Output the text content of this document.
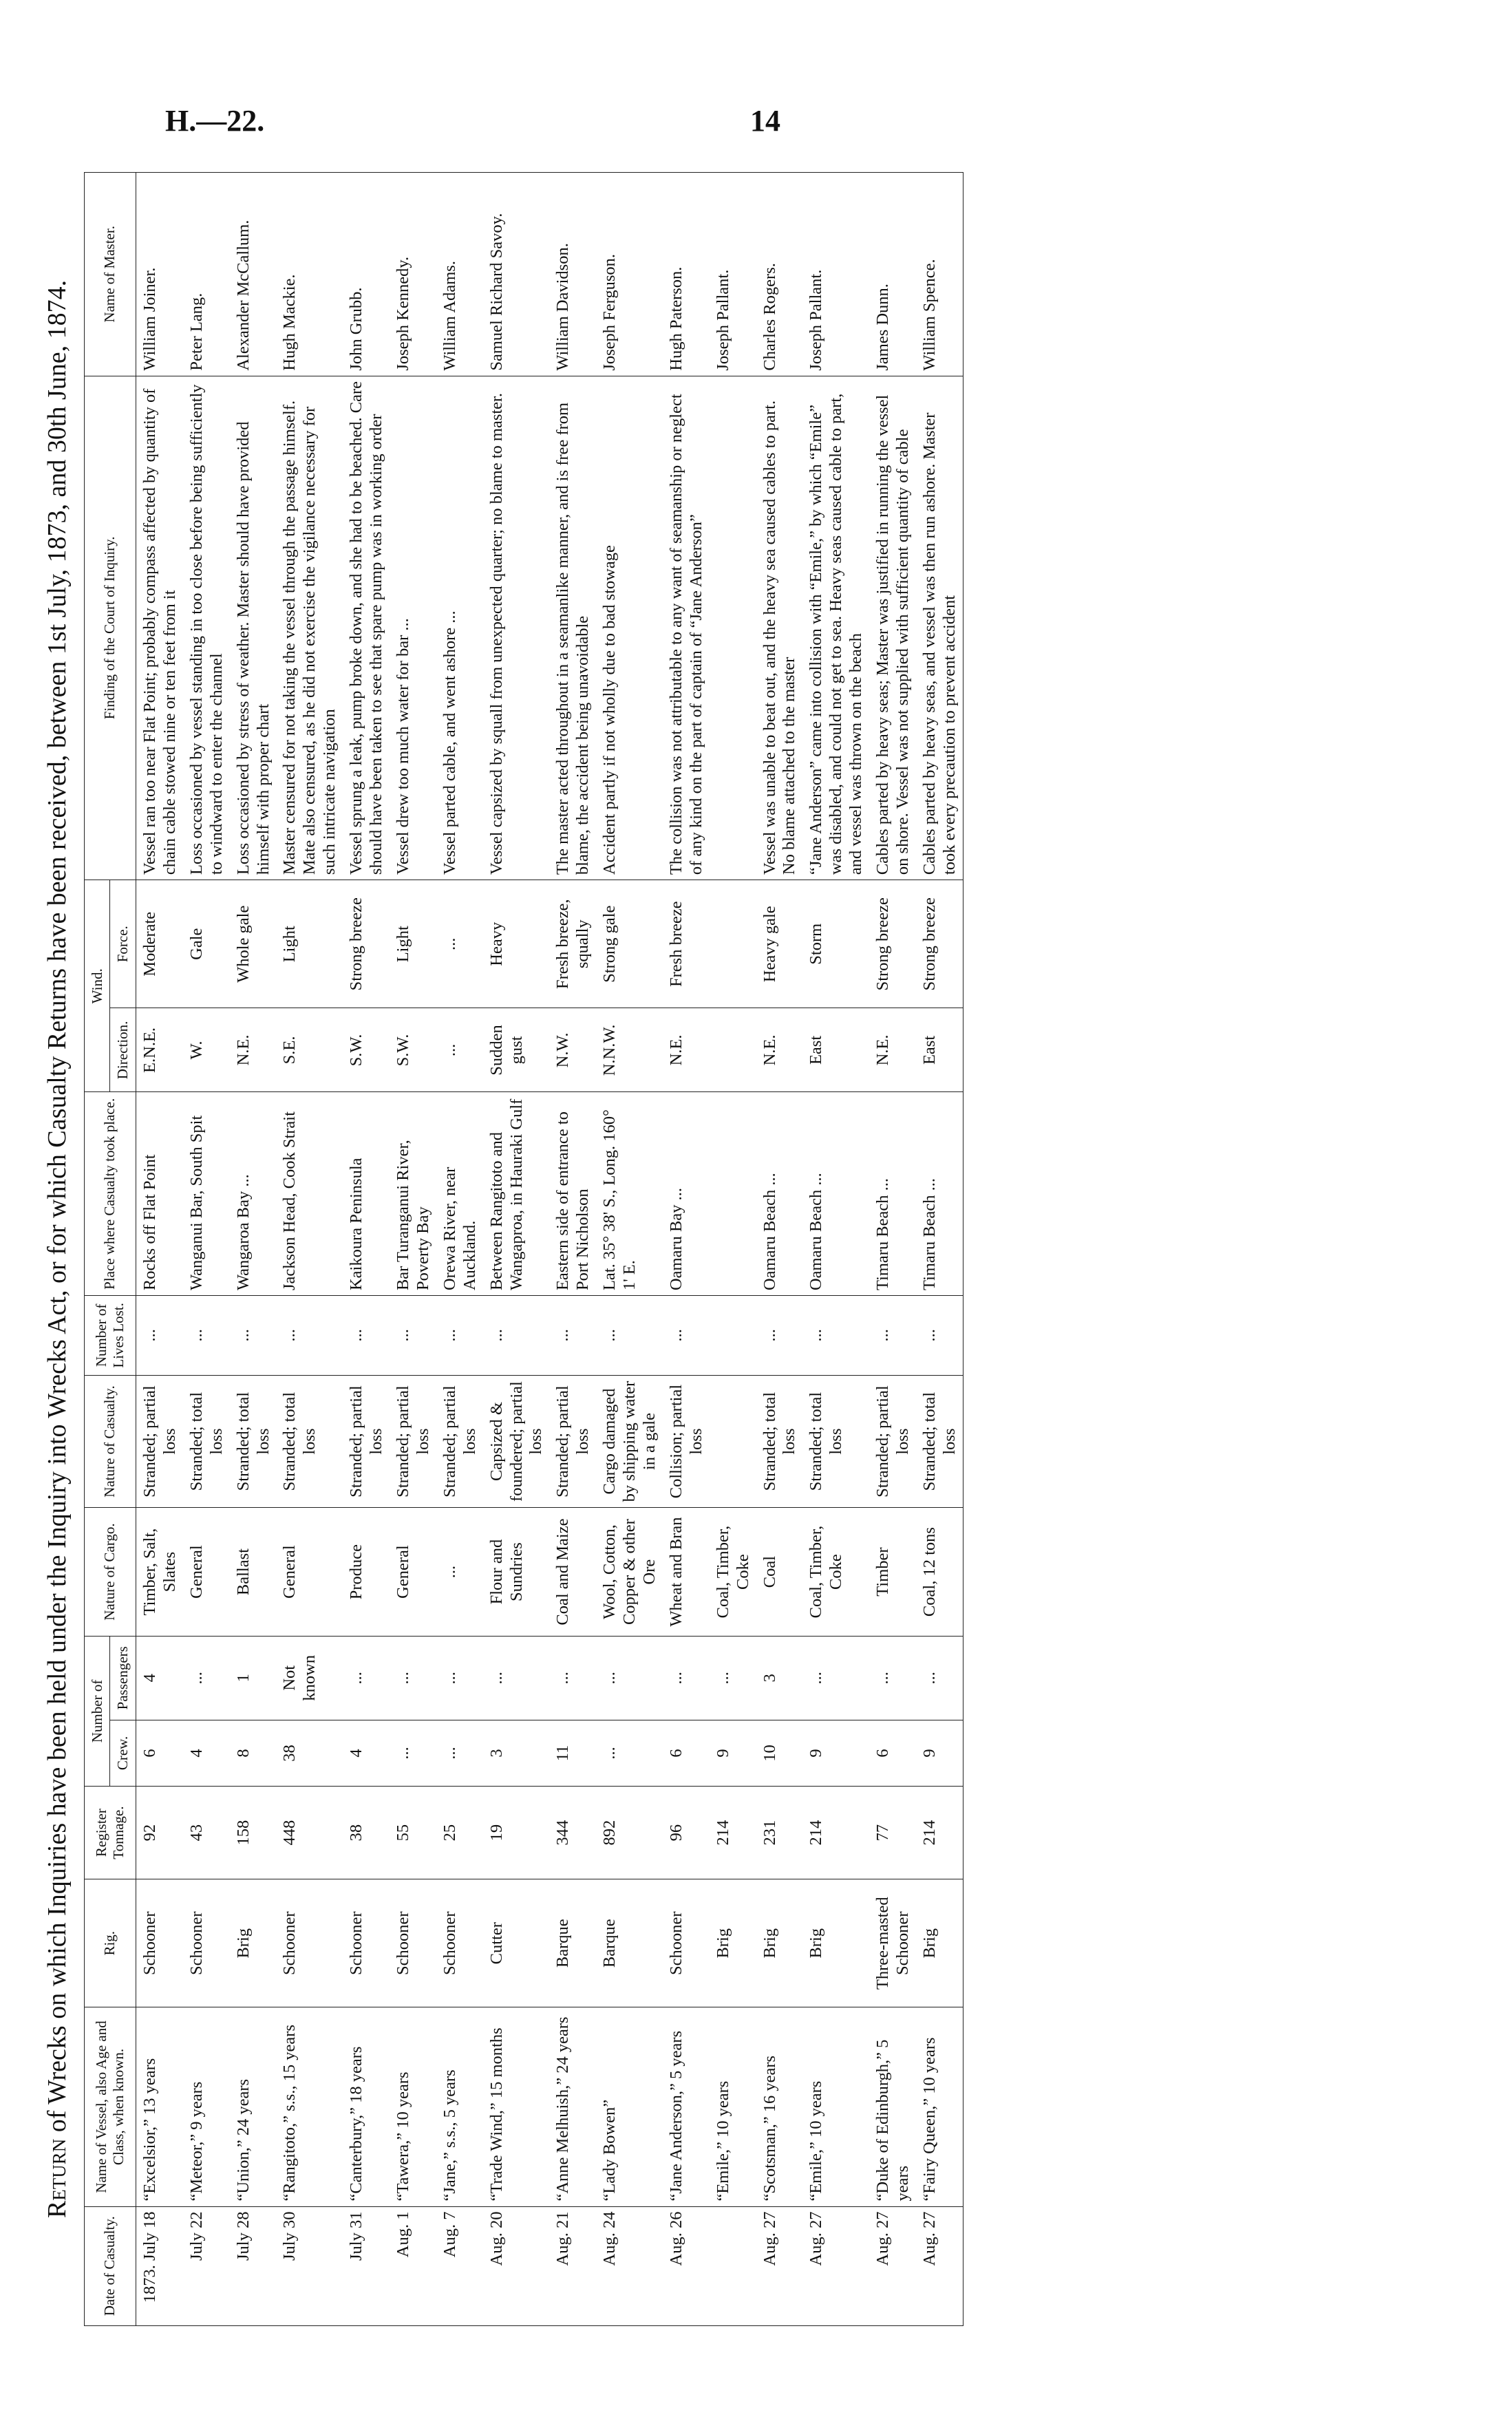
H.—22.	14
Return of Wrecks on which Inquiries have been held under the Inquiry into Wrecks Act, or for which Casualty Returns have been received, between 1st July, 1873, and 30th June, 1874.
Date of Casualty.	Name of Vessel, also Age and Class, when known.	Rig.	Register Tonnage.	Number of		Nature of Cargo.	Nature of Casualty.	Number of Lives Lost.	Place where Casualty took place.	Wind.		Finding of the Court of Inquiry.	Name of Master.
				Crew.	Passengers					Direction.	Force.		
1873. July 18	“Excelsior,” 13 years	Schooner	92	6	4	Timber, Salt, Slates	Stranded; partial loss	...	Rocks off Flat Point	E.N.E.	Moderate	Vessel ran too near Flat Point; probably compass affected by quantity of chain cable stowed nine or ten feet from it	William Joiner.
July 22	“Meteor,” 9 years	Schooner	43	4	...	General	Stranded; total loss	...	Wanganui Bar, South Spit	W.	Gale	Loss occasioned by vessel standing in too close before being sufficiently to windward to enter the channel	Peter Lang.
July 28	“Union,” 24 years	Brig	158	8	1	Ballast	Stranded; total loss	...	Wangaroa Bay ...	N.E.	Whole gale	Loss occasioned by stress of weather. Master should have provided himself with proper chart	Alexander McCallum.
July 30	“Rangitoto,” s.s., 15 years	Schooner	448	38	Not known	General	Stranded; total loss	...	Jackson Head, Cook Strait	S.E.	Light	Master censured for not taking the vessel through the passage himself. Mate also censured, as he did not exercise the vigilance necessary for such intricate navigation	Hugh Mackie.
July 31	“Canterbury,” 18 years	Schooner	38	4	...	Produce	Stranded; partial loss	...	Kaikoura Peninsula	S.W.	Strong breeze	Vessel sprung a leak, pump broke down, and she had to be beached. Care should have been taken to see that spare pump was in working order	John Grubb.
Aug. 1	“Tawera,” 10 years	Schooner	55	...	...	General	Stranded; partial loss	...	Bar Turanganui River, Poverty Bay	S.W.	Light	Vessel drew too much water for bar ...	Joseph Kennedy.
Aug. 7	“Jane,” s.s., 5 years	Schooner	25	...	...	...	Stranded; partial loss	...	Orewa River, near Auckland.	...	...	Vessel parted cable, and went ashore ...	William Adams.
Aug. 20	“Trade Wind,” 15 months	Cutter	19	3	...	Flour and Sundries	Capsized & foundered; partial loss	...	Between Rangitoto and Wangaproa, in Hauraki Gulf	Sudden gust	Heavy	Vessel capsized by squall from unexpected quarter; no blame to master.	Samuel Richard Savoy.
Aug. 21	“Anne Melhuish,” 24 years	Barque	344	11	...	Coal and Maize	Stranded; partial loss	...	Eastern side of entrance to Port Nicholson	N.W.	Fresh breeze, squally	The master acted throughout in a seamanlike manner, and is free from blame, the accident being unavoidable	William Davidson.
Aug. 24	“Lady Bowen”	Barque	892	...	...	Wool, Cotton, Copper & other Ore	Cargo damaged by shipping water in a gale	...	Lat. 35° 38' S., Long. 160° 1' E.	N.N.W.	Strong gale	Accident partly if not wholly due to bad stowage	Joseph Ferguson.
Aug. 26	“Jane Anderson,” 5 years	Schooner	96	6	...	Wheat and Bran	Collision; partial loss	...	Oamaru Bay ...	N.E.	Fresh breeze	The collision was not attributable to any want of seamanship or neglect of any kind on the part of captain of “Jane Anderson”	Hugh Paterson.
	“Emile,” 10 years	Brig	214	9	...	Coal, Timber, Coke							Joseph Pallant.
Aug. 27	“Scotsman,” 16 years	Brig	231	10	3	Coal	Stranded; total loss	...	Oamaru Beach ...	N.E.	Heavy gale	Vessel was unable to beat out, and the heavy sea caused cables to part. No blame attached to the master	Charles Rogers.
Aug. 27	“Emile,” 10 years	Brig	214	9	...	Coal, Timber, Coke	Stranded; total loss	...	Oamaru Beach ...	East	Storm	“Jane Anderson” came into collision with “Emile,” by which “Emile” was disabled, and could not get to sea. Heavy seas caused cable to part, and vessel was thrown on the beach	Joseph Pallant.
Aug. 27	“Duke of Edinburgh,” 5 years	Three-masted Schooner	77	6	...	Timber	Stranded; partial loss	...	Timaru Beach ...	N.E.	Strong breeze	Cables parted by heavy seas; Master was justified in running the vessel on shore. Vessel was not supplied with sufficient quantity of cable	James Dunn.
Aug. 27	“Fairy Queen,” 10 years	Brig	214	9	...	Coal, 12 tons	Stranded; total loss	...	Timaru Beach ...	East	Strong breeze	Cables parted by heavy seas, and vessel was then run ashore. Master took every precaution to prevent accident	William Spence.
